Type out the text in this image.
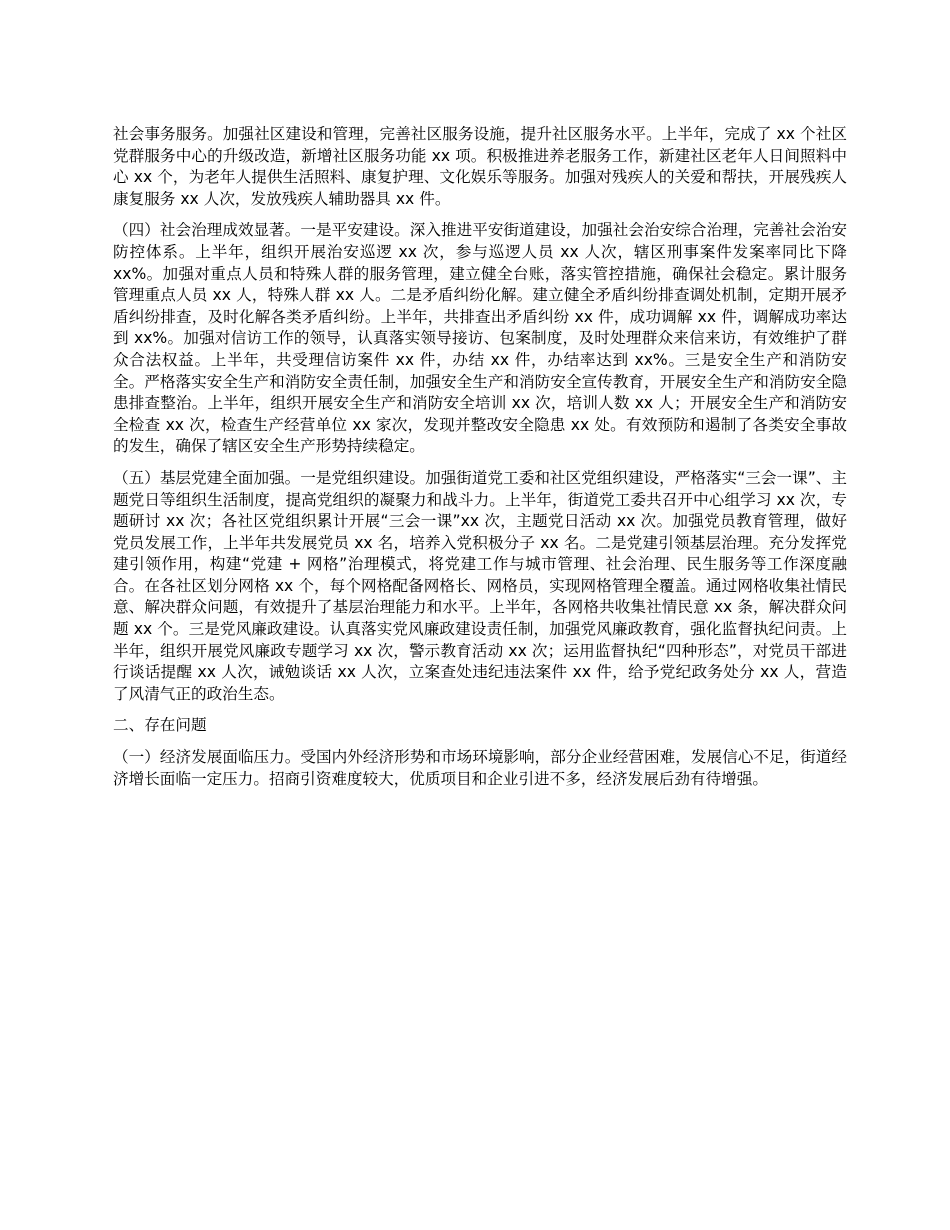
社会事务服务。加强社区建设和管理，完善社区服务设施，提升社区服务水平。上半年，完成了 xx 个社区党群服务中心的升级改造，新增社区服务功能 xx 项。积极推进养老服务工作，新建社区老年人日间照料中心 xx 个，为老年人提供生活照料、康复护理、文化娱乐等服务。加强对残疾人的关爱和帮扶，开展残疾人康复服务 xx 人次，发放残疾人辅助器具 xx 件。

（四）社会治理成效显著。一是平安建设。深入推进平安街道建设，加强社会治安综合治理，完善社会治安防控体系。上半年，组织开展治安巡逻 xx 次，参与巡逻人员 xx 人次，辖区刑事案件发案率同比下降 xx%。加强对重点人员和特殊人群的服务管理，建立健全台账，落实管控措施，确保社会稳定。累计服务管理重点人员 xx 人，特殊人群 xx 人。二是矛盾纠纷化解。建立健全矛盾纠纷排查调处机制，定期开展矛盾纠纷排查，及时化解各类矛盾纠纷。上半年，共排查出矛盾纠纷 xx 件，成功调解 xx 件，调解成功率达到 xx%。加强对信访工作的领导，认真落实领导接访、包案制度，及时处理群众来信来访，有效维护了群众合法权益。上半年，共受理信访案件 xx 件，办结 xx 件，办结率达到 xx%。三是安全生产和消防安全。严格落实安全生产和消防安全责任制，加强安全生产和消防安全宣传教育，开展安全生产和消防安全隐患排查整治。上半年，组织开展安全生产和消防安全培训 xx 次，培训人数 xx 人；开展安全生产和消防安全检查 xx 次，检查生产经营单位 xx 家次，发现并整改安全隐患 xx 处。有效预防和遏制了各类安全事故的发生，确保了辖区安全生产形势持续稳定。

（五）基层党建全面加强。一是党组织建设。加强街道党工委和社区党组织建设，严格落实“三会一课”、主题党日等组织生活制度，提高党组织的凝聚力和战斗力。上半年，街道党工委共召开中心组学习 xx 次，专题研讨 xx 次；各社区党组织累计开展“三会一课”xx 次，主题党日活动 xx 次。加强党员教育管理，做好党员发展工作，上半年共发展党员 xx 名，培养入党积极分子 xx 名。二是党建引领基层治理。充分发挥党建引领作用，构建“党建 + 网格”治理模式，将党建工作与城市管理、社会治理、民生服务等工作深度融合。在各社区划分网格 xx 个，每个网格配备网格长、网格员，实现网格管理全覆盖。通过网格收集社情民意、解决群众问题，有效提升了基层治理能力和水平。上半年，各网格共收集社情民意 xx 条，解决群众问题 xx 个。三是党风廉政建设。认真落实党风廉政建设责任制，加强党风廉政教育，强化监督执纪问责。上半年，组织开展党风廉政专题学习 xx 次，警示教育活动 xx 次；运用监督执纪“四种形态”，对党员干部进行谈话提醒 xx 人次，诫勉谈话 xx 人次，立案查处违纪违法案件 xx 件，给予党纪政务处分 xx 人，营造了风清气正的政治生态。

二、存在问题

（一）经济发展面临压力。受国内外经济形势和市场环境影响，部分企业经营困难，发展信心不足，街道经济增长面临一定压力。招商引资难度较大，优质项目和企业引进不多，经济发展后劲有待增强。
